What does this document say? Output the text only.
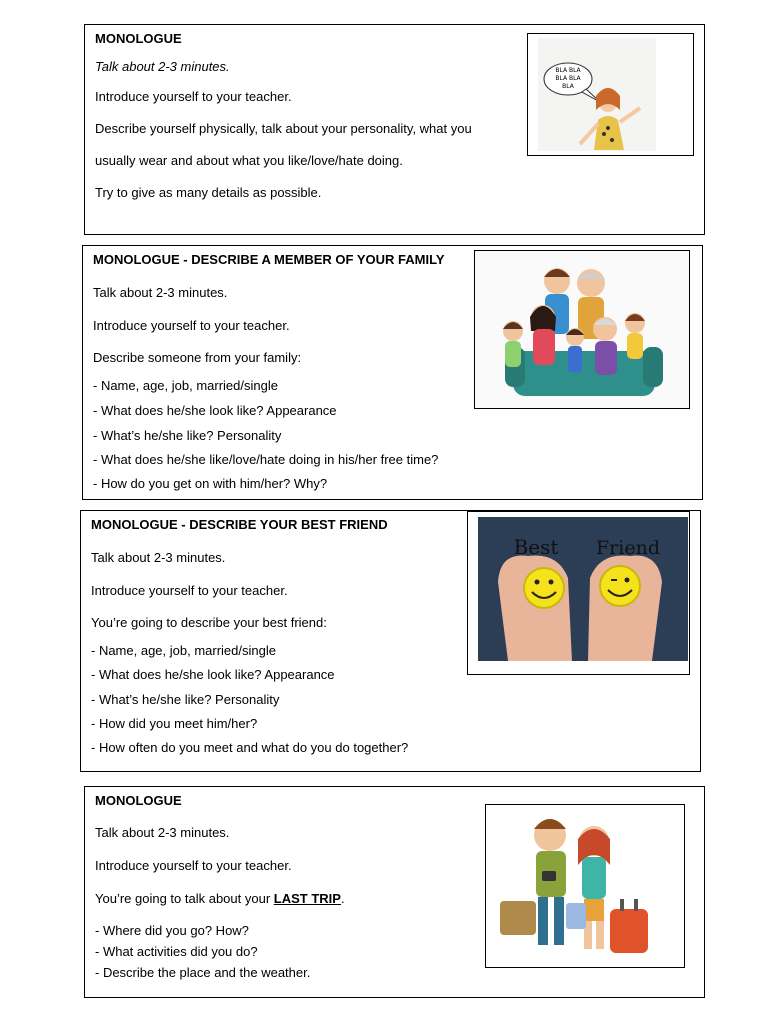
MONOLOGUE
Talk about 2-3 minutes.
Introduce yourself to your teacher.
Describe yourself physically, talk about your personality, what you
usually wear and about what you like/love/hate doing.
Try to give as many details as possible.
BLA BLA
BLA BLA
BLA
MONOLOGUE - DESCRIBE A MEMBER OF YOUR FAMILY
Talk about 2-3 minutes.
Introduce yourself to your teacher.
Describe someone from your family:
- Name, age, job, married/single
- What does he/she look like? Appearance
- What’s he/she like? Personality
- What does he/she like/love/hate doing in his/her free time?
- How do you get on with him/her? Why?
MONOLOGUE - DESCRIBE YOUR BEST FRIEND
Talk about 2-3 minutes.
Introduce yourself to your teacher.
You’re going to describe your best friend:
- Name, age, job, married/single
- What does he/she look like? Appearance
- What’s he/she like? Personality
- How did you meet him/her?
- How often do you meet and what do you do together?
Best Friend
MONOLOGUE
Talk about 2-3 minutes.
Introduce yourself to your teacher.
You’re going to talk about your LAST TRIP.
- Where did you go? How?
- What activities did you do?
- Describe the place and the weather.
